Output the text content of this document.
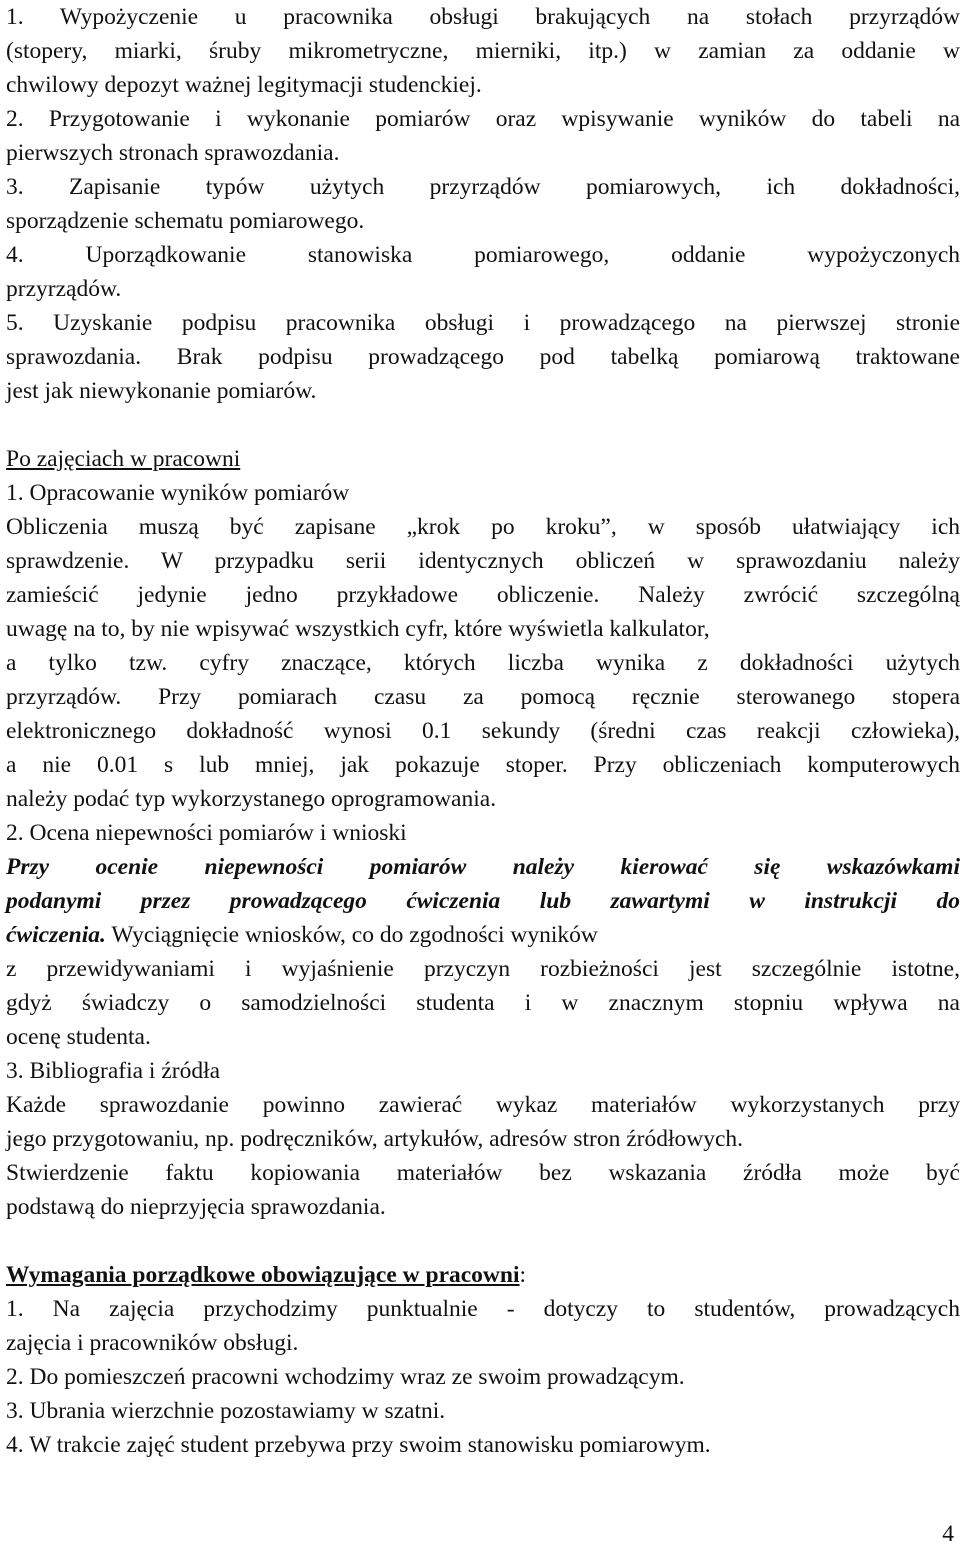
1. Wypożyczenie u pracownika obsługi brakujących na stołach przyrządów
(stopery, miarki, śruby mikrometryczne, mierniki, itp.) w zamian za oddanie w
chwilowy depozyt ważnej legitymacji studenckiej.
2. Przygotowanie i wykonanie pomiarów oraz wpisywanie wyników do tabeli na
pierwszych stronach sprawozdania.
3. Zapisanie typów użytych przyrządów pomiarowych, ich dokładności,
sporządzenie schematu pomiarowego.
4. Uporządkowanie stanowiska pomiarowego, oddanie wypożyczonych
przyrządów.
5. Uzyskanie podpisu pracownika obsługi i prowadzącego na pierwszej stronie
sprawozdania. Brak podpisu prowadzącego pod tabelką pomiarową traktowane
jest jak niewykonanie pomiarów.
Po zajęciach w pracowni
1. Opracowanie wyników pomiarów
Obliczenia muszą być zapisane „krok po kroku”, w sposób ułatwiający ich
sprawdzenie. W przypadku serii identycznych obliczeń w sprawozdaniu należy
zamieścić jedynie jedno przykładowe obliczenie. Należy zwrócić szczególną
uwagę na to, by nie wpisywać wszystkich cyfr, które wyświetla kalkulator,
a tylko tzw. cyfry znaczące, których liczba wynika z dokładności użytych
przyrządów. Przy pomiarach czasu za pomocą ręcznie sterowanego stopera
elektronicznego dokładność wynosi 0.1 sekundy (średni czas reakcji człowieka),
a nie 0.01 s lub mniej, jak pokazuje stoper. Przy obliczeniach komputerowych
należy podać typ wykorzystanego oprogramowania.
2. Ocena niepewności pomiarów i wnioski
Przy ocenie niepewności pomiarów należy kierować się wskazówkami
podanymi przez prowadzącego ćwiczenia lub zawartymi w instrukcji do
ćwiczenia. Wyciągnięcie wniosków, co do zgodności wyników
z przewidywaniami i wyjaśnienie przyczyn rozbieżności jest szczególnie istotne,
gdyż świadczy o samodzielności studenta i w znacznym stopniu wpływa na
ocenę studenta.
3. Bibliografia i źródła
Każde sprawozdanie powinno zawierać wykaz materiałów wykorzystanych przy
jego przygotowaniu, np. podręczników, artykułów, adresów stron źródłowych.
Stwierdzenie faktu kopiowania materiałów bez wskazania źródła może być
podstawą do nieprzyjęcia sprawozdania.
Wymagania porządkowe obowiązujące w pracowni:
1. Na zajęcia przychodzimy punktualnie - dotyczy to studentów, prowadzących
zajęcia i pracowników obsługi.
2. Do pomieszczeń pracowni wchodzimy wraz ze swoim prowadzącym.
3. Ubrania wierzchnie pozostawiamy w szatni.
4. W trakcie zajęć student przebywa przy swoim stanowisku pomiarowym.
4
